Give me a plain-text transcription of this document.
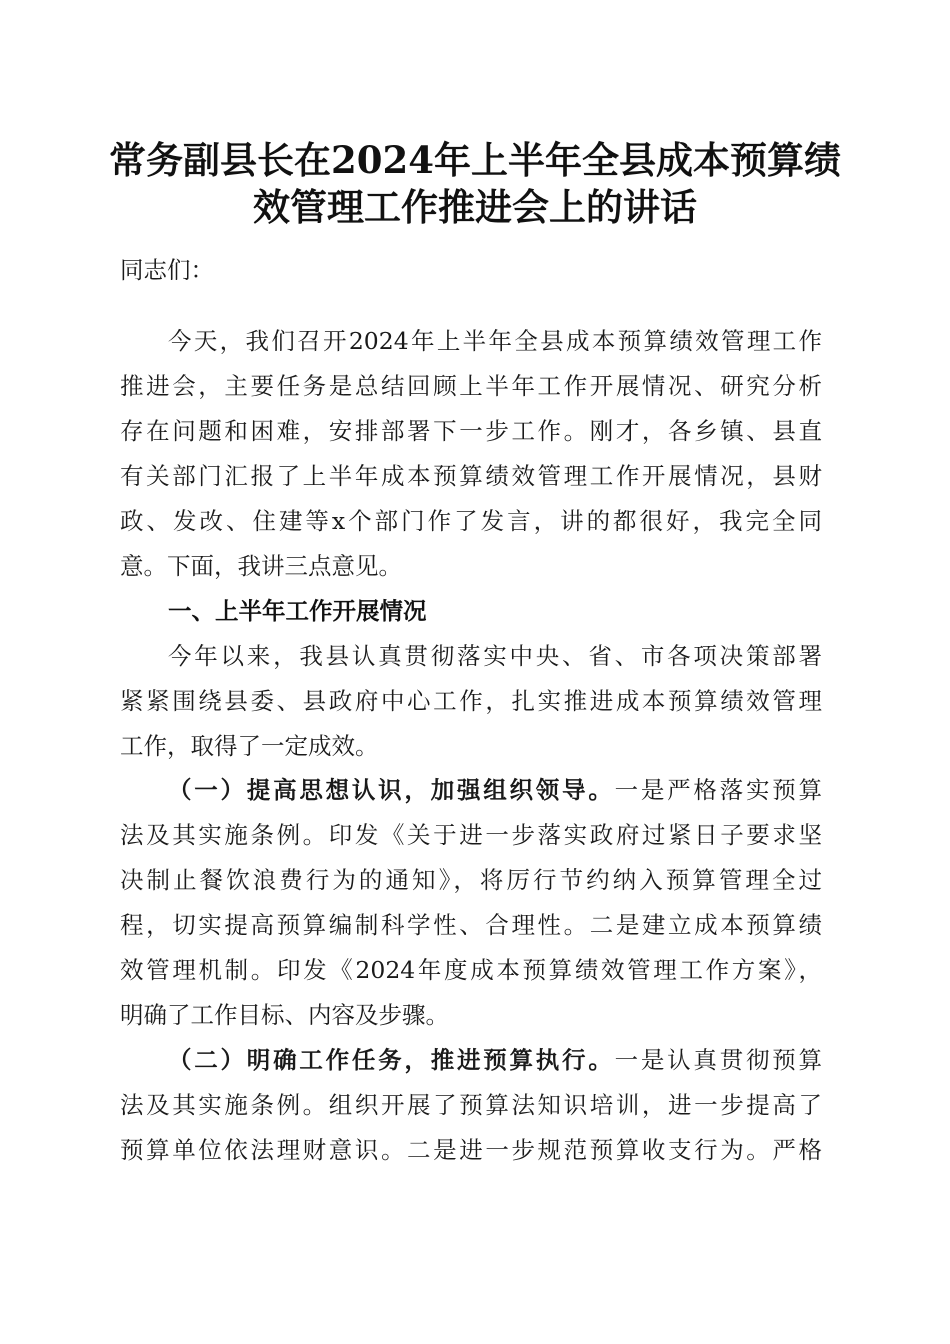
常务副县长在2024年上半年全县成本预算绩
效管理工作推进会上的讲话
同志们：
今天，我们召开2024年上半年全县成本预算绩效管理工作
推进会，主要任务是总结回顾上半年工作开展情况、研究分析
存在问题和困难，安排部署下一步工作。刚才，各乡镇、县直
有关部门汇报了上半年成本预算绩效管理工作开展情况，县财
政、发改、住建等x个部门作了发言，讲的都很好，我完全同
意。下面，我讲三点意见。
一、上半年工作开展情况
今年以来，我县认真贯彻落实中央、省、市各项决策部署
紧紧围绕县委、县政府中心工作，扎实推进成本预算绩效管理
工作，取得了一定成效。
（一）提高思想认识，加强组织领导。一是严格落实预算
法及其实施条例。印发《关于进一步落实政府过紧日子要求坚
决制止餐饮浪费行为的通知》，将厉行节约纳入预算管理全过
程，切实提高预算编制科学性、合理性。二是建立成本预算绩
效管理机制。印发《2024年度成本预算绩效管理工作方案》，
明确了工作目标、内容及步骤。
（二）明确工作任务，推进预算执行。一是认真贯彻预算
法及其实施条例。组织开展了预算法知识培训，进一步提高了
预算单位依法理财意识。二是进一步规范预算收支行为。严格
